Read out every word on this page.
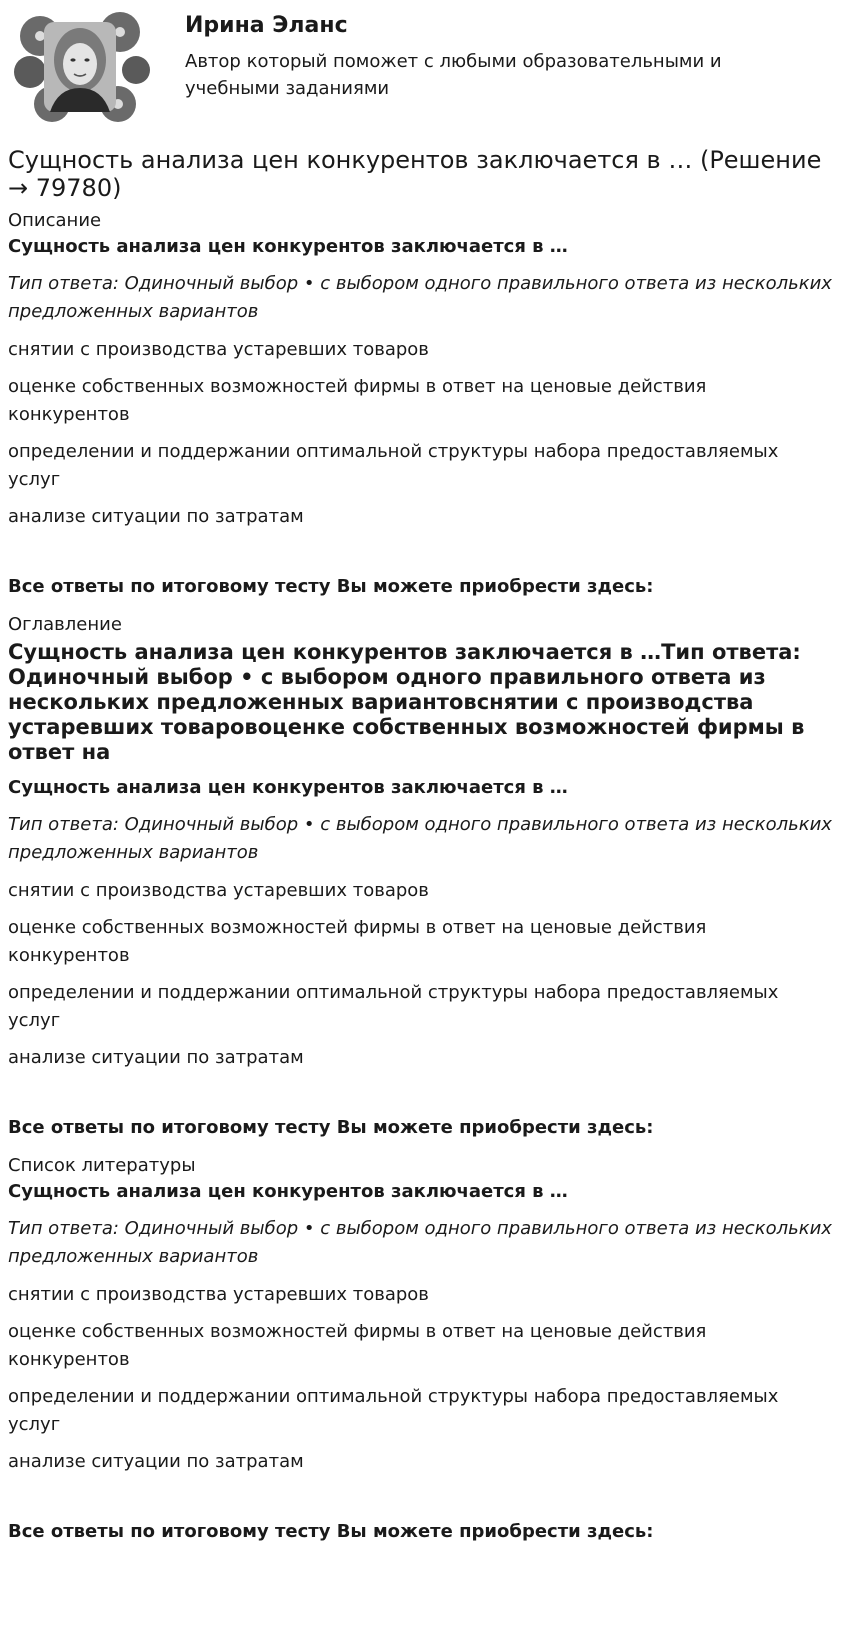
Ирина Эланс

Автор который поможет с любыми образовательными и учебными заданиями

Сущность анализа цен конкурентов заключается в … (Решение → 79780)
Описание
Сущность анализа цен конкурентов заключается в …
Тип ответа: Одиночный выбор • с выбором одного правильного ответа из нескольких предложенных вариантов
снятии с производства устаревших товаров
оценке собственных возможностей фирмы в ответ на ценовые действия конкурентов
определении и поддержании оптимальной структуры набора предоставляемых услуг
анализе ситуации по затратам
Все ответы по итоговому тесту Вы можете приобрести здесь:
Оглавление
Сущность анализа цен конкурентов заключается в …Тип ответа: Одиночный выбор • с выбором одного правильного ответа из нескольких предложенных вариантовснятии с производства устаревших товаровоценке собственных возможностей фирмы в ответ на
Сущность анализа цен конкурентов заключается в …
Тип ответа: Одиночный выбор • с выбором одного правильного ответа из нескольких предложенных вариантов
снятии с производства устаревших товаров
оценке собственных возможностей фирмы в ответ на ценовые действия конкурентов
определении и поддержании оптимальной структуры набора предоставляемых услуг
анализе ситуации по затратам
Все ответы по итоговому тесту Вы можете приобрести здесь:
Список литературы
Сущность анализа цен конкурентов заключается в …
Тип ответа: Одиночный выбор • с выбором одного правильного ответа из нескольких предложенных вариантов
снятии с производства устаревших товаров
оценке собственных возможностей фирмы в ответ на ценовые действия конкурентов
определении и поддержании оптимальной структуры набора предоставляемых услуг
анализе ситуации по затратам
Все ответы по итоговому тесту Вы можете приобрести здесь:
